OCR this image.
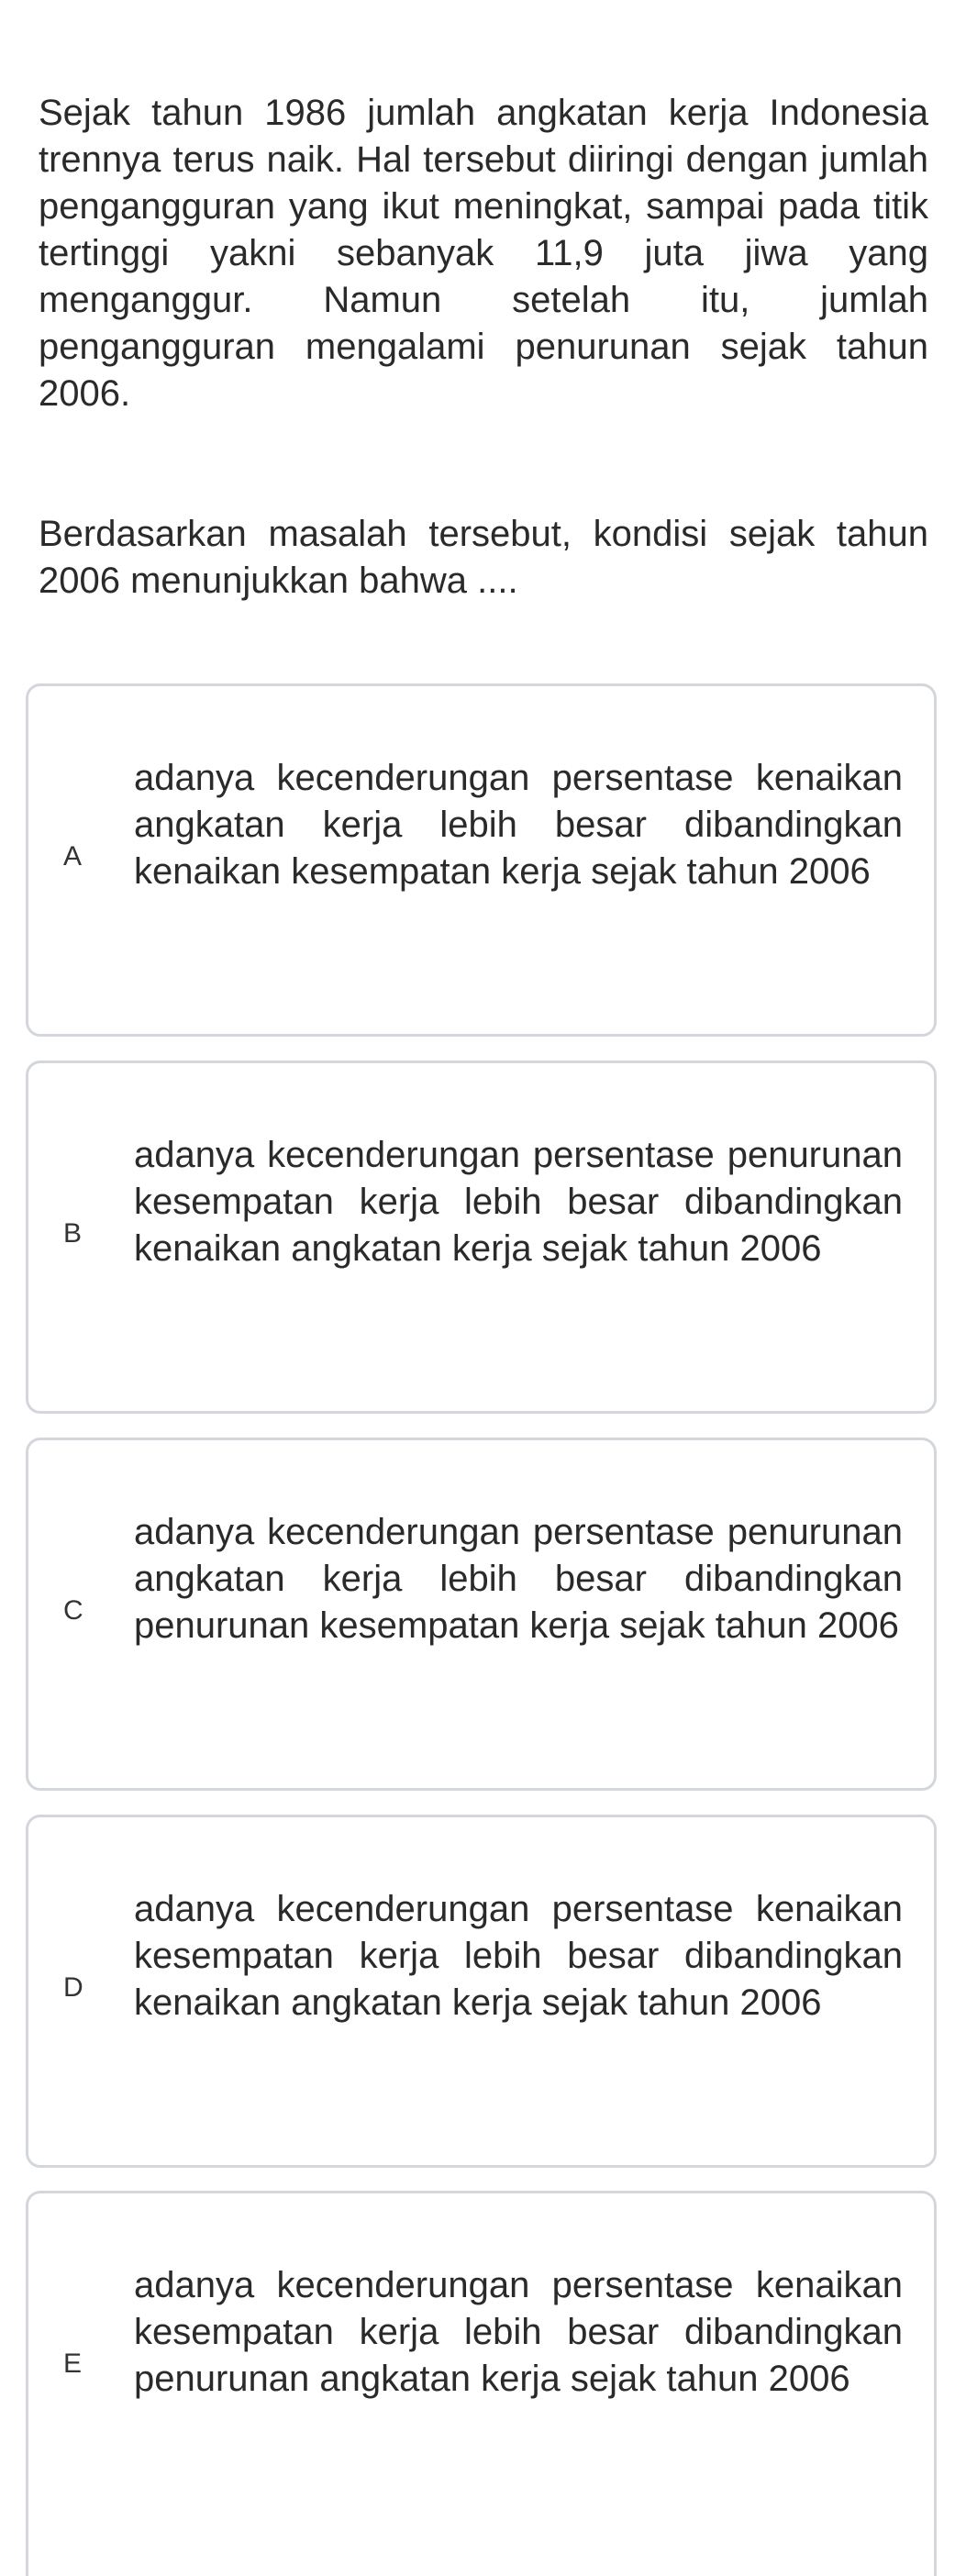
Sejak tahun 1986 jumlah angkatan kerja Indonesia trennya terus naik. Hal tersebut diiringi dengan jumlah pengangguran yang ikut meningkat, sampai pada titik tertinggi yakni sebanyak 11,9 juta jiwa yang menganggur. Namun setelah itu, jumlah pengangguran mengalami penurunan sejak tahun 2006.

Berdasarkan masalah tersebut, kondisi sejak tahun 2006 menunjukkan bahwa ....

A
adanya kecenderungan persentase kenaikan angkatan kerja lebih besar dibandingkan kenaikan kesempatan kerja sejak tahun 2006
B
adanya kecenderungan persentase penurunan kesempatan kerja lebih besar dibandingkan kenaikan angkatan kerja sejak tahun 2006
C
adanya kecenderungan persentase penurunan angkatan kerja lebih besar dibandingkan penurunan kesempatan kerja sejak tahun 2006
D
adanya kecenderungan persentase kenaikan kesempatan kerja lebih besar dibandingkan kenaikan angkatan kerja sejak tahun 2006
E
adanya kecenderungan persentase kenaikan kesempatan kerja lebih besar dibandingkan penurunan angkatan kerja sejak tahun 2006
